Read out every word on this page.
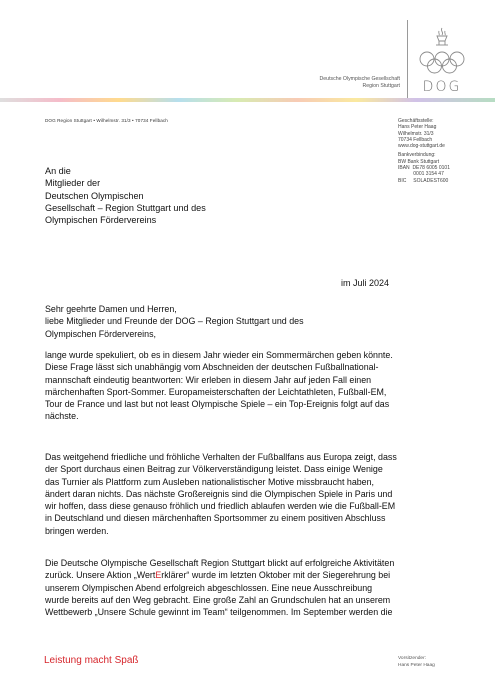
Deutsche Olympische Gesellschaft
Region Stuttgart	DOG
DOG Region Stuttgart • Wilhelmstr. 31/3 • 70734 Fellbach	Geschäftsstelle:
Hans Peter Haag
Wilhelmstr. 31/3
70734 Fellbach
www.dog-stuttgart.de
Bankverbindung:
BW Bank Stuttgart
IBAN  DE78 6005 0101
0001 3154 47
BIC     SOLADEST600
An die
Mitglieder der
Deutschen Olympischen
Gesellschaft – Region Stuttgart und des
Olympischen Fördervereins
im Juli 2024
Sehr geehrte Damen und Herren,
liebe Mitglieder und Freunde der DOG – Region Stuttgart und des
Olympischen Fördervereins,
lange wurde spekuliert, ob es in diesem Jahr wieder ein Sommermärchen geben könnte.
Diese Frage lässt sich unabhängig vom Abschneiden der deutschen Fußballnational-
mannschaft eindeutig beantworten: Wir erleben in diesem Jahr auf jeden Fall einen
märchenhaften Sport-Sommer. Europameisterschaften der Leichtathleten, Fußball-EM,
Tour de France und last but not least Olympische Spiele – ein Top-Ereignis folgt auf das
nächste.
Das weitgehend friedliche und fröhliche Verhalten der Fußballfans aus Europa zeigt, dass
der Sport durchaus einen Beitrag zur Völkerverständigung leistet. Dass einige Wenige
das Turnier als Plattform zum Ausleben nationalistischer Motive missbraucht haben,
ändert daran nichts. Das nächste Großereignis sind die Olympischen Spiele in Paris und
wir hoffen, dass diese genauso fröhlich und friedlich ablaufen werden wie die Fußball-EM
in Deutschland und diesen märchenhaften Sportsommer zu einem positiven Abschluss
bringen werden.
Die Deutsche Olympische Gesellschaft Region Stuttgart blickt auf erfolgreiche Aktivitäten
zurück. Unsere Aktion „WertErklärer“ wurde im letzten Oktober mit der Siegerehrung bei
unserem Olympischen Abend erfolgreich abgeschlossen. Eine neue Ausschreibung
wurde bereits auf den Weg gebracht. Eine große Zahl an Grundschulen hat an unserem
Wettbewerb „Unsere Schule gewinnt im Team“ teilgenommen. Im September werden die
Leistung macht Spaß	Vorsitzender:
Hans Peter Haag
